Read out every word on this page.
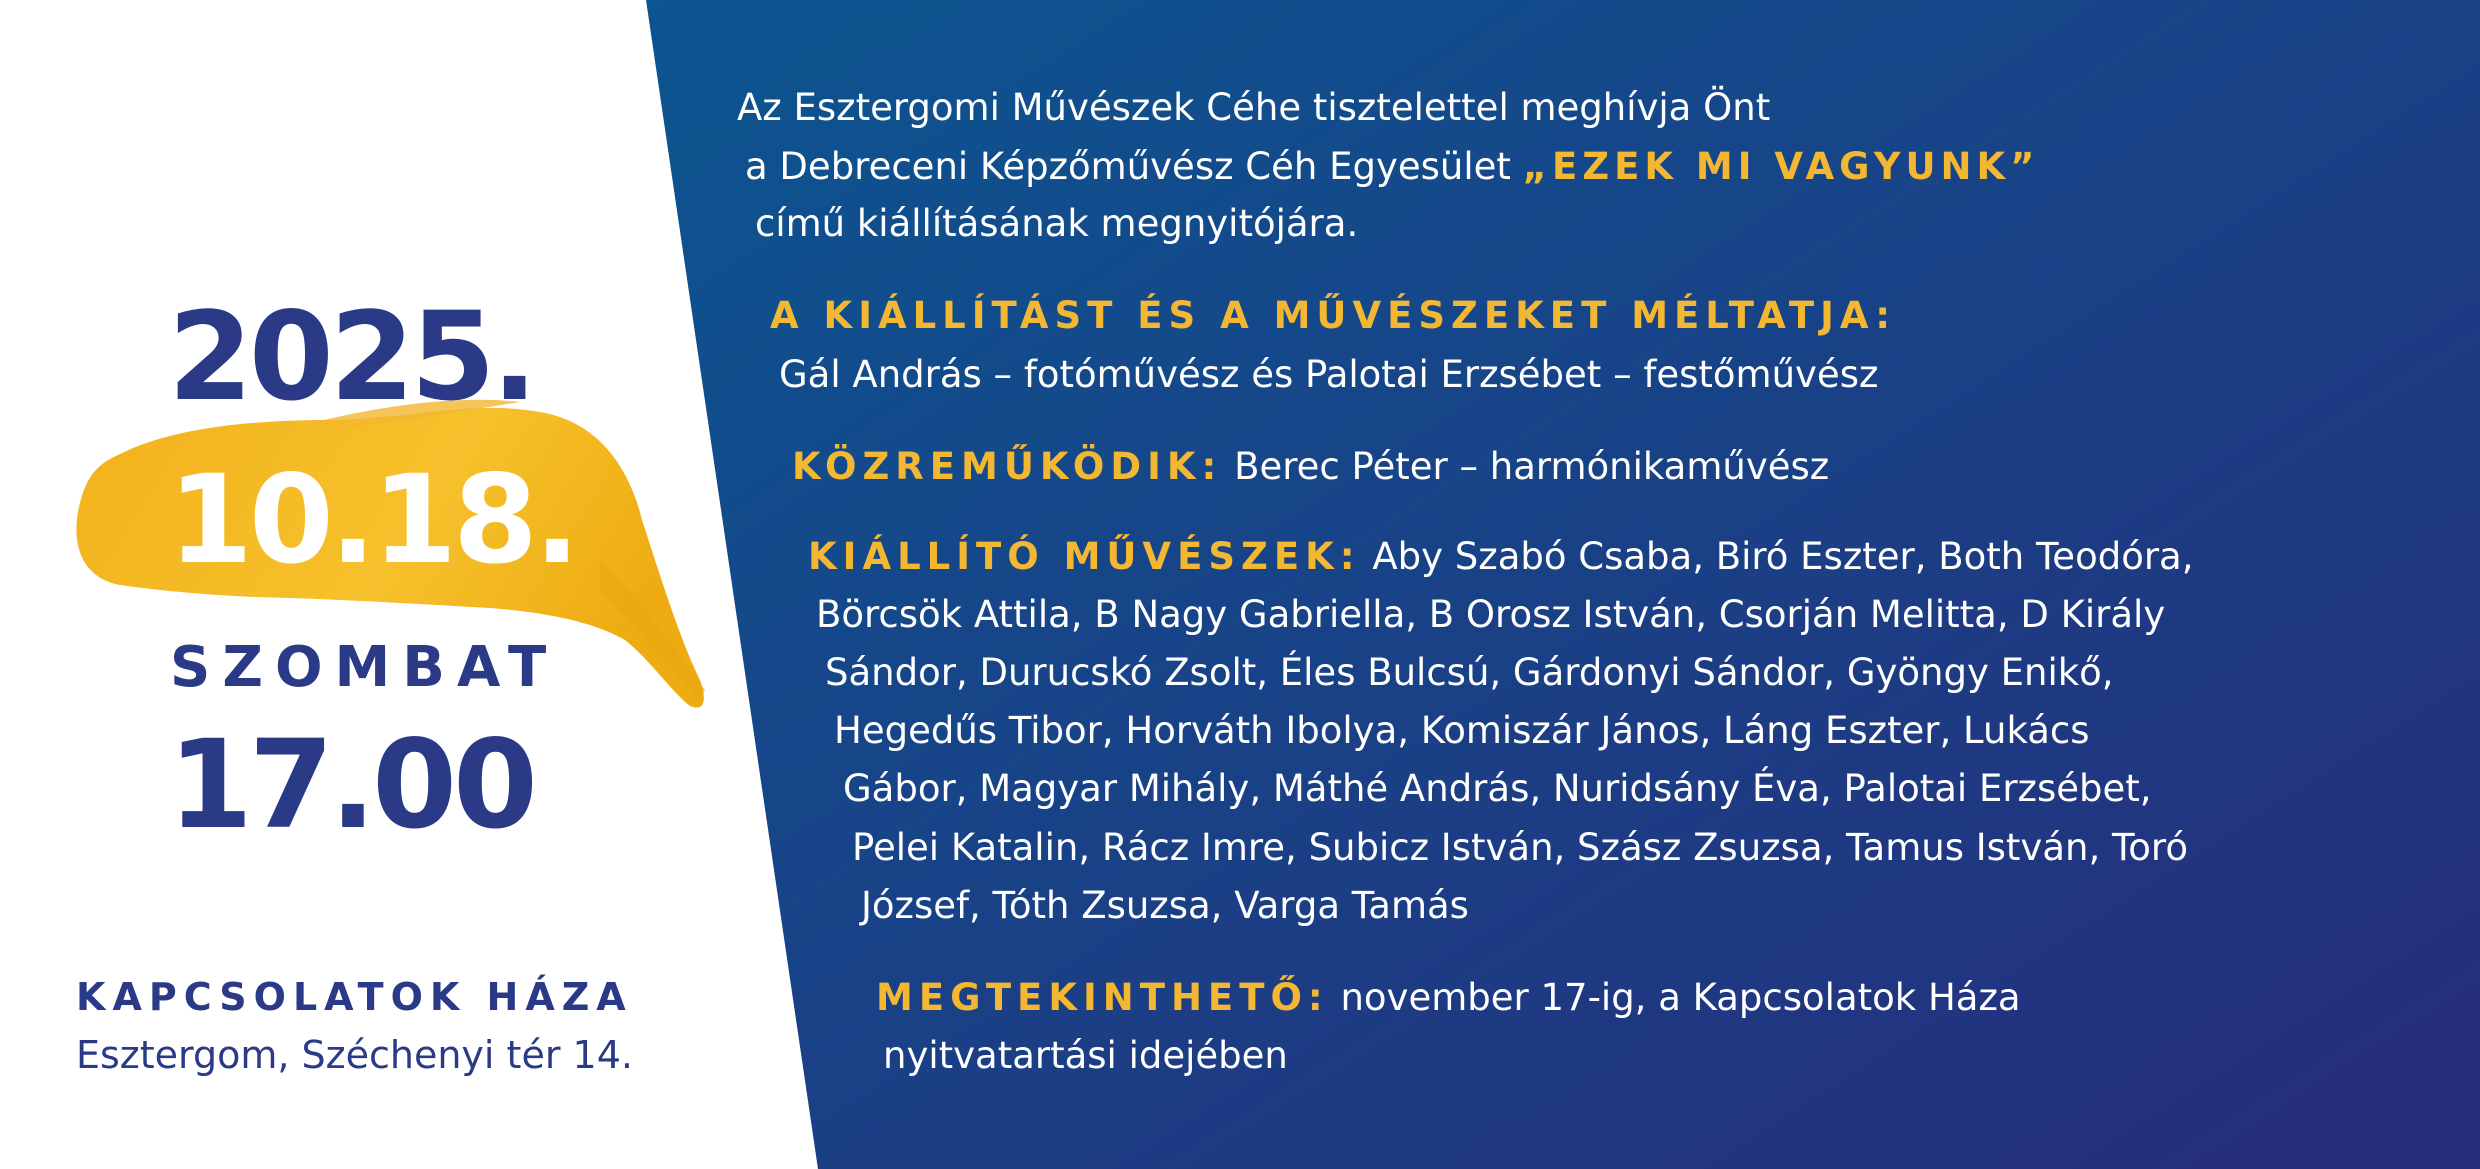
2025.
10.18.
SZOMBAT
17.00
KAPCSOLATOK HÁZA
Esztergom, Széchenyi tér 14.
Az Esztergomi Művészek Céhe tisztelettel meghívja Önt
a Debreceni Képzőművész Céh Egyesület „EZEK MI VAGYUNK”
című kiállításának megnyitójára.
A KIÁLLÍTÁST ÉS A MŰVÉSZEKET MÉLTATJA:
Gál András – fotóművész és Palotai Erzsébet – festőművész
KÖZREMŰKÖDIK: Berec Péter – harmónikaművész
KIÁLLÍTÓ MŰVÉSZEK: Aby Szabó Csaba, Biró Eszter, Both Teodóra,
Börcsök Attila, B Nagy Gabriella, B Orosz István, Csorján Melitta, D Király
Sándor, Durucskó Zsolt, Éles Bulcsú, Gárdonyi Sándor, Gyöngy Enikő,
Hegedűs Tibor, Horváth Ibolya, Komiszár János, Láng Eszter, Lukács
Gábor, Magyar Mihály, Máthé András, Nuridsány Éva, Palotai Erzsébet,
Pelei Katalin, Rácz Imre, Subicz István, Szász Zsuzsa, Tamus István, Toró
József, Tóth Zsuzsa, Varga Tamás
MEGTEKINTHETŐ: november 17-ig, a Kapcsolatok Háza
nyitvatartási idejében
